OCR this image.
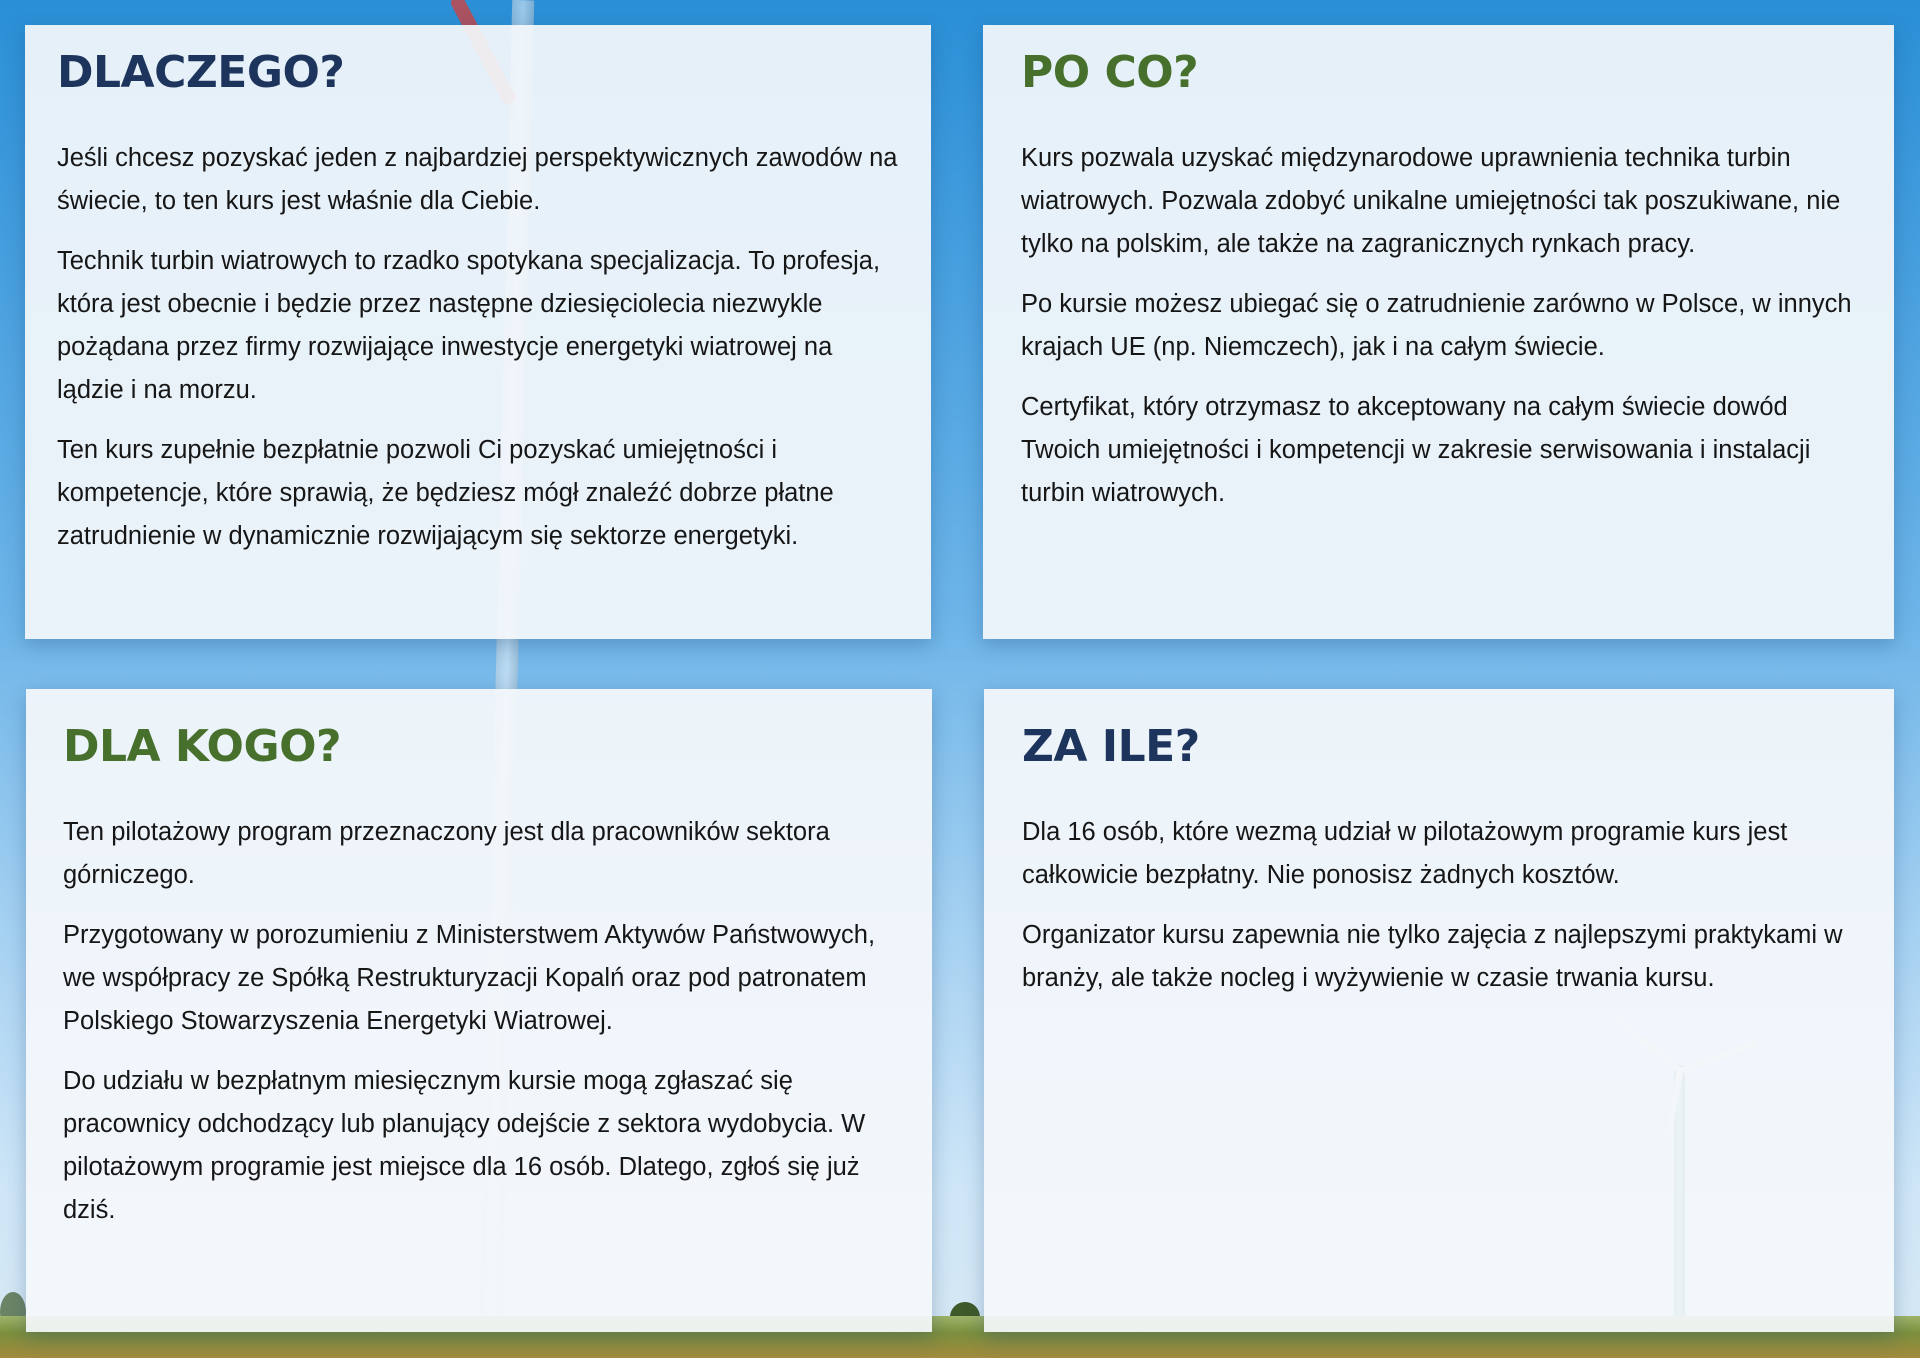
DLACZEGO?

Jeśli chcesz pozyskać jeden z najbardziej perspektywicznych zawodów na świecie, to ten kurs jest właśnie dla Ciebie.

Technik turbin wiatrowych to rzadko spotykana specjalizacja. To profesja, która jest obecnie i będzie przez następne dziesięciolecia niezwykle pożądana przez firmy rozwijające inwestycje energetyki wiatrowej na lądzie i na morzu.

Ten kurs zupełnie bezpłatnie pozwoli Ci pozyskać umiejętności i kompetencje, które sprawią, że będziesz mógł znaleźć dobrze płatne zatrudnienie w dynamicznie rozwijającym się sektorze energetyki.

PO CO?

Kurs pozwala uzyskać międzynarodowe uprawnienia technika turbin wiatrowych. Pozwala zdobyć unikalne umiejętności tak poszukiwane, nie tylko na polskim, ale także na zagranicznych rynkach pracy.

Po kursie możesz ubiegać się o zatrudnienie zarówno w Polsce, w innych krajach UE (np. Niemczech), jak i na całym świecie.

Certyfikat, który otrzymasz to akceptowany na całym świecie dowód Twoich umiejętności i kompetencji w zakresie serwisowania i instalacji turbin wiatrowych.

DLA KOGO?

Ten pilotażowy program przeznaczony jest dla pracowników sektora górniczego.

Przygotowany w porozumieniu z Ministerstwem Aktywów Państwowych, we współpracy ze Spółką Restrukturyzacji Kopalń oraz pod patronatem Polskiego Stowarzyszenia Energetyki Wiatrowej.

Do udziału w bezpłatnym miesięcznym kursie mogą zgłaszać się pracownicy odchodzący lub planujący odejście z sektora wydobycia. W pilotażowym programie jest miejsce dla 16 osób. Dlatego, zgłoś się już dziś.

ZA ILE?

Dla 16 osób, które wezmą udział w pilotażowym programie kurs jest całkowicie bezpłatny. Nie ponosisz żadnych kosztów.

Organizator kursu zapewnia nie tylko zajęcia z najlepszymi praktykami w branży, ale także nocleg i wyżywienie w czasie trwania kursu.
